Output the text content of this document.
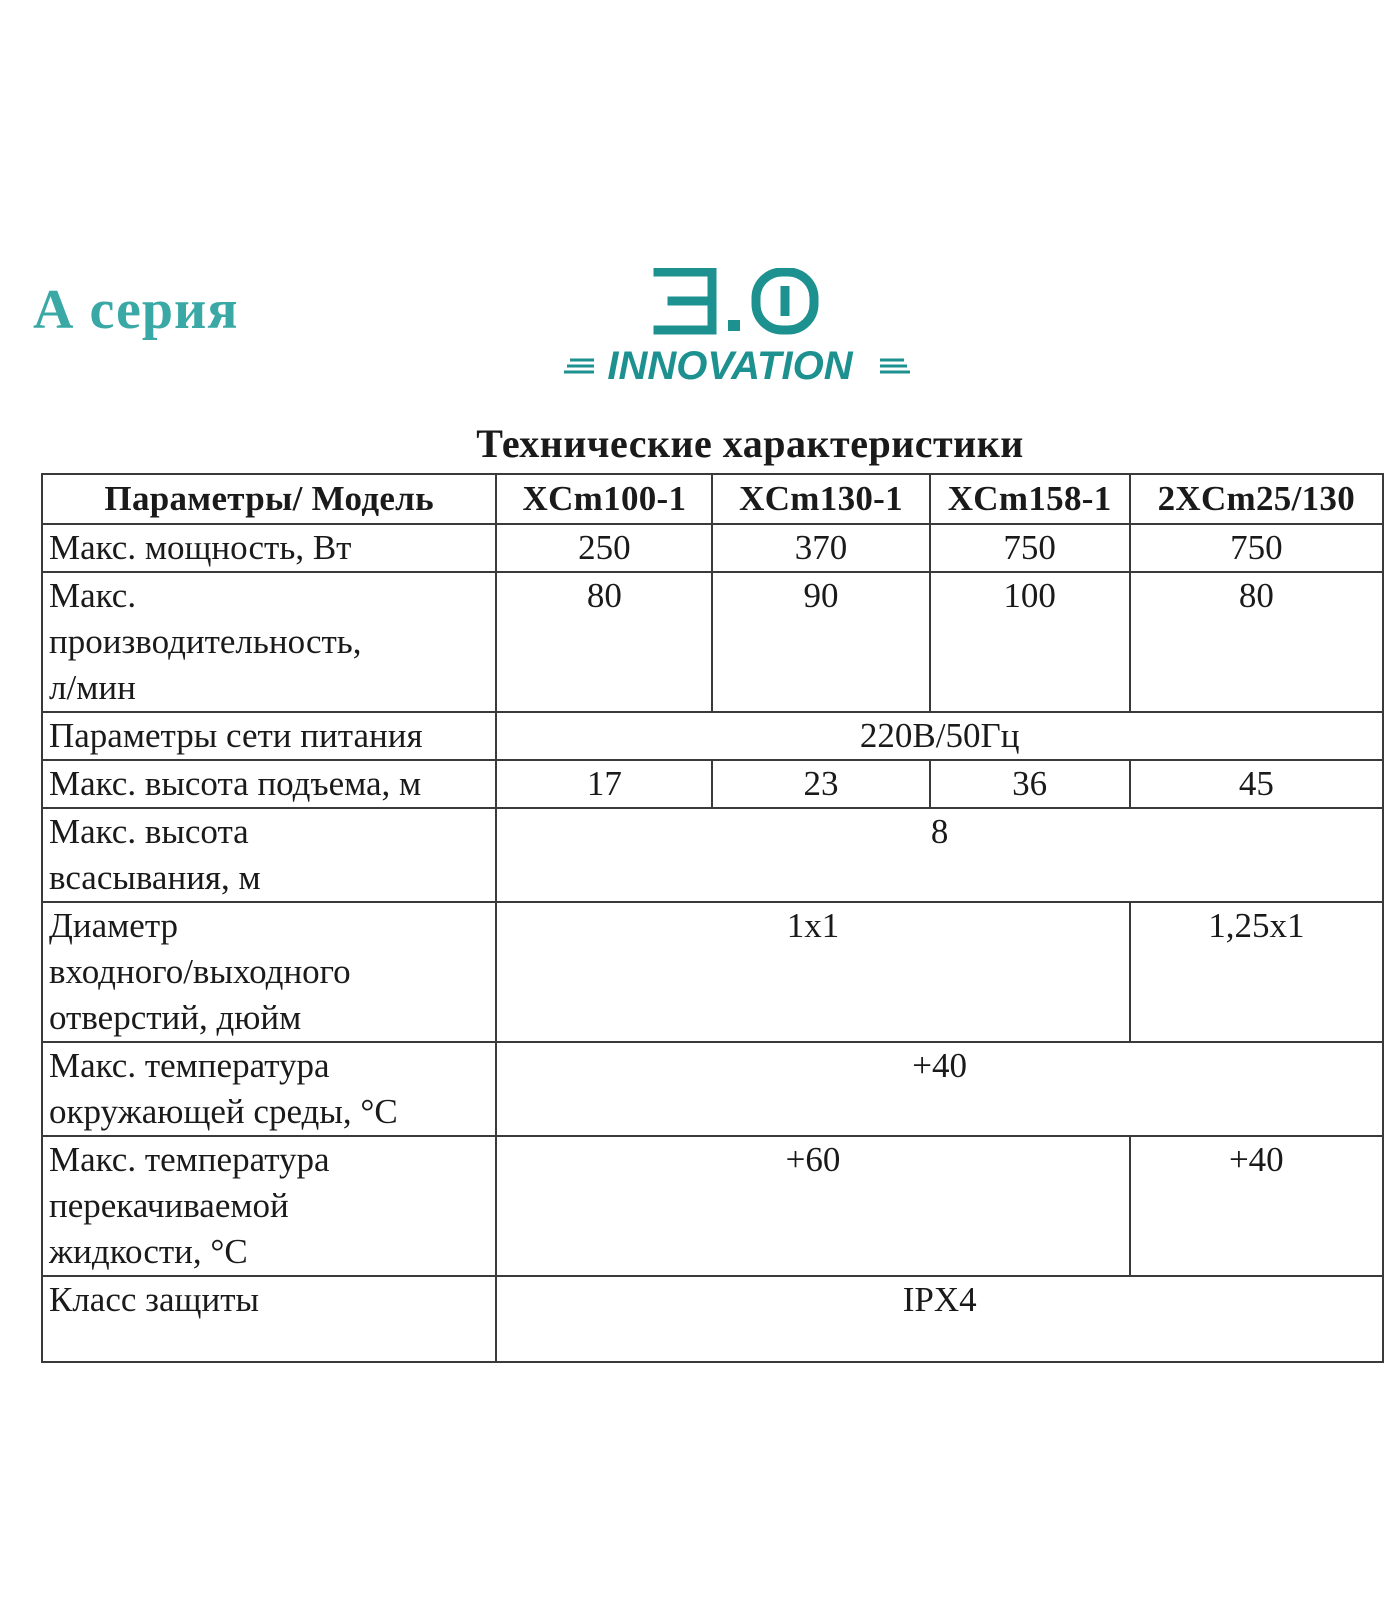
А серия
INNOVATION
Технические характеристики
Параметры/ Модель	XCm100-1	XCm130-1	XCm158-1	2XCm25/130
Макс. мощность, Вт	250	370	750	750

Макс.
производительность,
л/мин	80	90	100	80
Параметры сети питания	220В/50Гц			
Макс. высота подъема, м	17	23	36	45

Макс. высота
всасывания, м	8			

Диаметр
входного/выходного
отверстий, дюйм	1x1			1,25x1

Макс. температура
окружающей среды, °С	+40			

Макс. температура
перекачиваемой
жидкости, °С	+60			+40
Класс защиты	IPX4			
